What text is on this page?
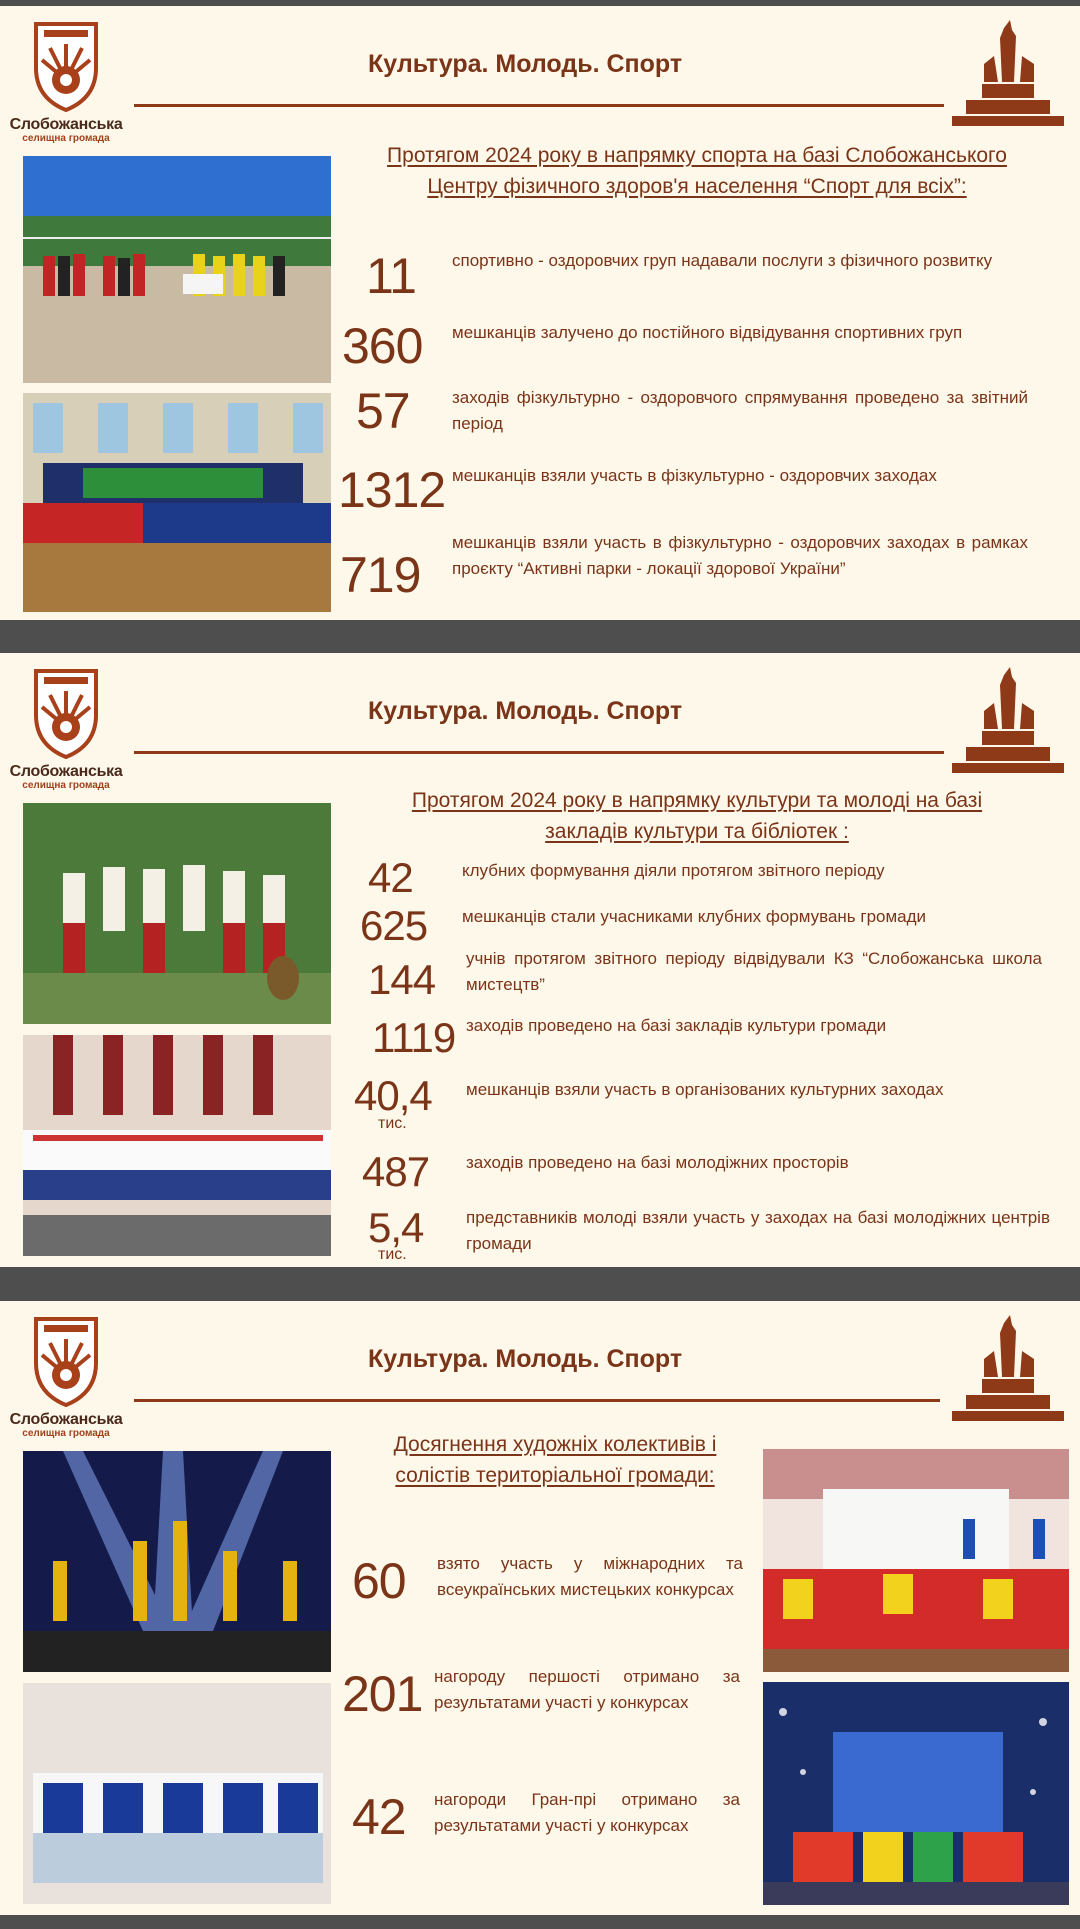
Слобожанська
селищна громада
Культура. Молодь. Спорт
Протягом 2024 року в напрямку спорта на базі Слобожанського Центру фізичного здоров'я населення “Спорт для всіх”:
11 спортивно - оздоровчих груп надавали послуги з фізичного розвитку
360 мешканців залучено до постійного відвідування спортивних груп
57 заходів фізкультурно - оздоровчого спрямування проведено за звітний період
1312 мешканців взяли участь в фізкультурно - оздоровчих заходах
719
мешканців взяли участь в фізкультурно - оздоровчих заходах в рамках проєкту “Активні парки - локації здорової України”
Слобожанська
селищна громада
Культура. Молодь. Спорт
Протягом 2024 року в напрямку культури та молоді на базі закладів культури та бібліотек :
42	клубних формування діяли протягом звітного періоду
625 мешканців стали учасниками клубних формувань громади
144 учнів протягом звітного періоду відвідували КЗ “Слобожанська школа мистецтв”
1119 заходів проведено на базі закладів культури громади
40,4
тис.
мешканців взяли участь в організованих культурних заходах
487 заходів проведено на базі молодіжних просторів
5,4
тис.
представників молоді взяли участь у заходах на базі молодіжних центрів громади
Слобожанська
селищна громада
Культура. Молодь. Спорт
Досягнення художніх колективів і солістів територіальної громади:
60 взято участь у міжнародних та всеукраїнських мистецьких конкурсах
201 нагороду першості отримано за результатами участі у конкурсах
42 нагороди Гран-прі отримано за результатами участі у конкурсах
